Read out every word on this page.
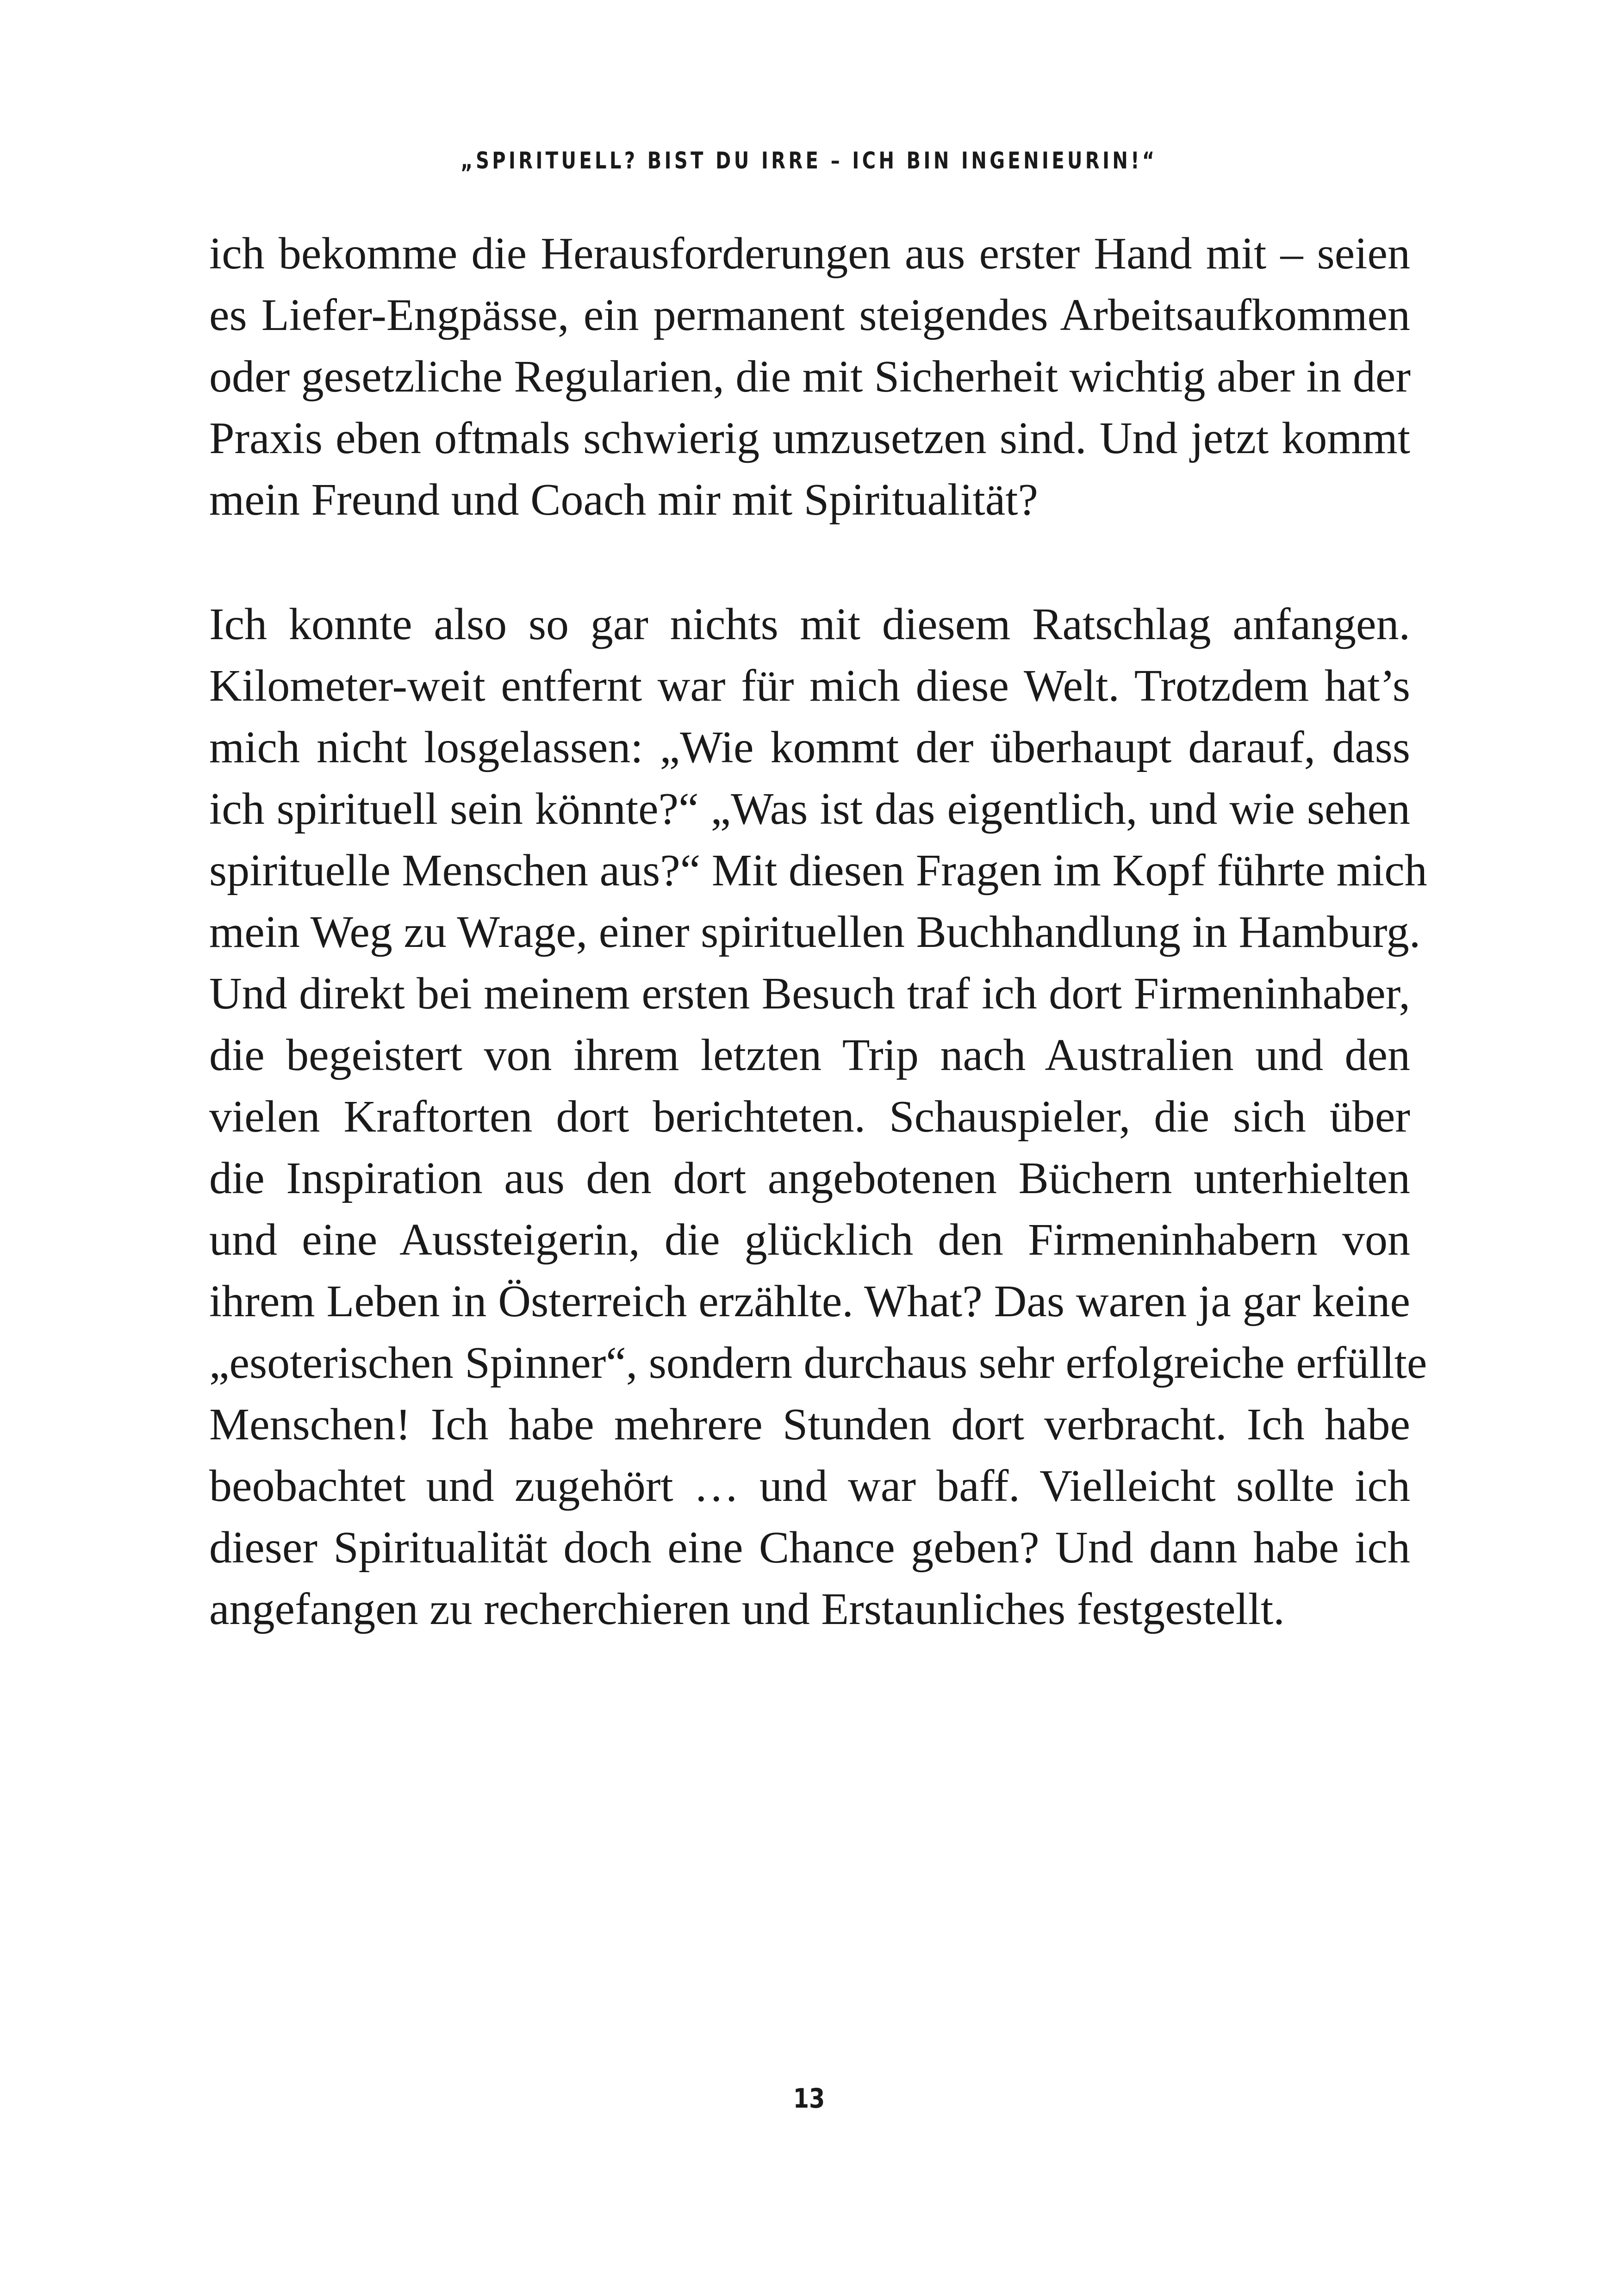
„SPIRITUELL? BIST DU IRRE – ICH BIN INGENIEURIN!“
ich bekomme die Herausforderungen aus erster Hand mit – seien
es Liefer-Engpässe, ein permanent steigendes Arbeitsaufkommen
oder gesetzliche Regularien, die mit Sicherheit wichtig aber in der
Praxis eben oftmals schwierig umzusetzen sind. Und jetzt kommt
mein Freund und Coach mir mit Spiritualität?
Ich konnte also so gar nichts mit diesem Ratschlag anfangen.
Kilometer-weit entfernt war für mich diese Welt. Trotzdem hat’s
mich nicht losgelassen: „Wie kommt der überhaupt darauf, dass
ich spirituell sein könnte?“ „Was ist das eigentlich, und wie sehen
spirituelle Menschen aus?“ Mit diesen Fragen im Kopf führte mich
mein Weg zu Wrage, einer spirituellen Buchhandlung in Hamburg.
Und direkt bei meinem ersten Besuch traf ich dort Firmeninhaber,
die begeistert von ihrem letzten Trip nach Australien und den
vielen Kraftorten dort berichteten. Schauspieler, die sich über
die Inspiration aus den dort angebotenen Büchern unterhielten
und eine Aussteigerin, die glücklich den Firmeninhabern von
ihrem Leben in Österreich erzählte. What? Das waren ja gar keine
„esoterischen Spinner“, sondern durchaus sehr erfolgreiche erfüllte
Menschen! Ich habe mehrere Stunden dort verbracht. Ich habe
beobachtet und zugehört … und war baff. Vielleicht sollte ich
dieser Spiritualität doch eine Chance geben? Und dann habe ich
angefangen zu recherchieren und Erstaunliches festgestellt.
13
